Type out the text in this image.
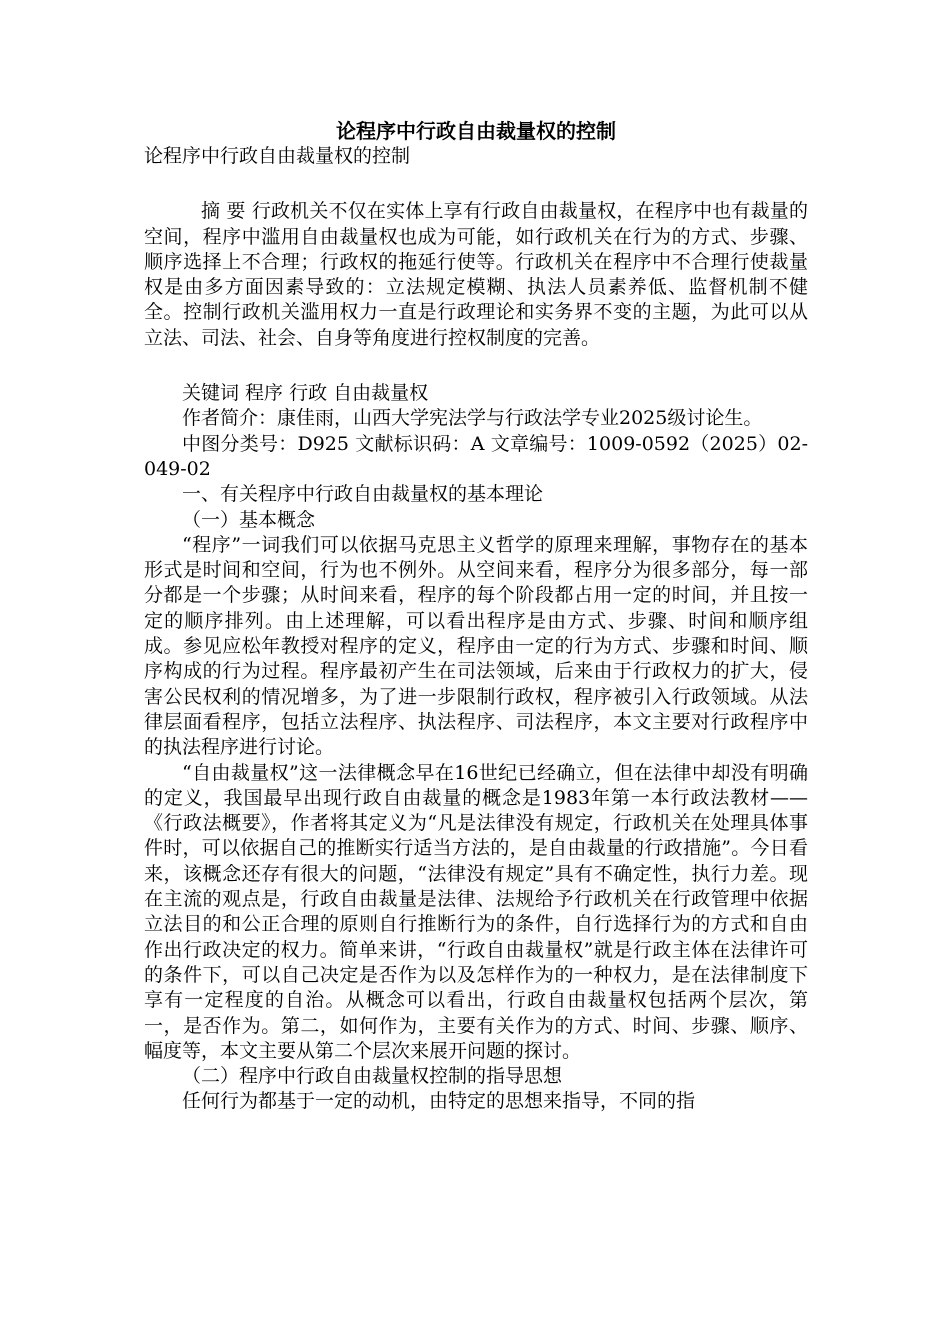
论程序中行政自由裁量权的控制

论程序中行政自由裁量权的控制

摘 要 行政机关不仅在实体上享有行政自由裁量权，在程序中也有裁量的空间，程序中滥用自由裁量权也成为可能，如行政机关在行为的方式、步骤、顺序选择上不合理；行政权的拖延行使等。行政机关在程序中不合理行使裁量权是由多方面因素导致的：立法规定模糊、执法人员素养低、监督机制不健全。控制行政机关滥用权力一直是行政理论和实务界不变的主题，为此可以从立法、司法、社会、自身等角度进行控权制度的完善。

关键词 程序 行政 自由裁量权

作者简介：康佳雨，山西大学宪法学与行政法学专业2025级讨论生。

中图分类号：D925 文献标识码：A 文章编号：1009-0592（2025）02-049-02

一、有关程序中行政自由裁量权的基本理论

（一）基本概念

“程序”一词我们可以依据马克思主义哲学的原理来理解，事物存在的基本形式是时间和空间，行为也不例外。从空间来看，程序分为很多部分，每一部分都是一个步骤；从时间来看，程序的每个阶段都占用一定的时间，并且按一定的顺序排列。由上述理解，可以看出程序是由方式、步骤、时间和顺序组成。参见应松年教授对程序的定义，程序由一定的行为方式、步骤和时间、顺序构成的行为过程。程序最初产生在司法领域，后来由于行政权力的扩大，侵害公民权利的情况增多，为了进一步限制行政权，程序被引入行政领域。从法律层面看程序，包括立法程序、执法程序、司法程序，本文主要对行政程序中的执法程序进行讨论。

“自由裁量权”这一法律概念早在16世纪已经确立，但在法律中却没有明确的定义，我国最早出现行政自由裁量的概念是1983年第一本行政法教材——《行政法概要》，作者将其定义为“凡是法律没有规定，行政机关在处理具体事件时，可以依据自己的推断实行适当方法的，是自由裁量的行政措施”。今日看来，该概念还存有很大的问题，“法律没有规定”具有不确定性，执行力差。现在主流的观点是，行政自由裁量是法律、法规给予行政机关在行政管理中依据立法目的和公正合理的原则自行推断行为的条件，自行选择行为的方式和自由作出行政决定的权力。简单来讲，“行政自由裁量权”就是行政主体在法律许可的条件下，可以自己决定是否作为以及怎样作为的一种权力，是在法律制度下享有一定程度的自治。从概念可以看出，行政自由裁量权包括两个层次，第一，是否作为。第二，如何作为，主要有关作为的方式、时间、步骤、顺序、幅度等，本文主要从第二个层次来展开问题的探讨。

（二）程序中行政自由裁量权控制的指导思想

任何行为都基于一定的动机，由特定的思想来指导，不同的指
